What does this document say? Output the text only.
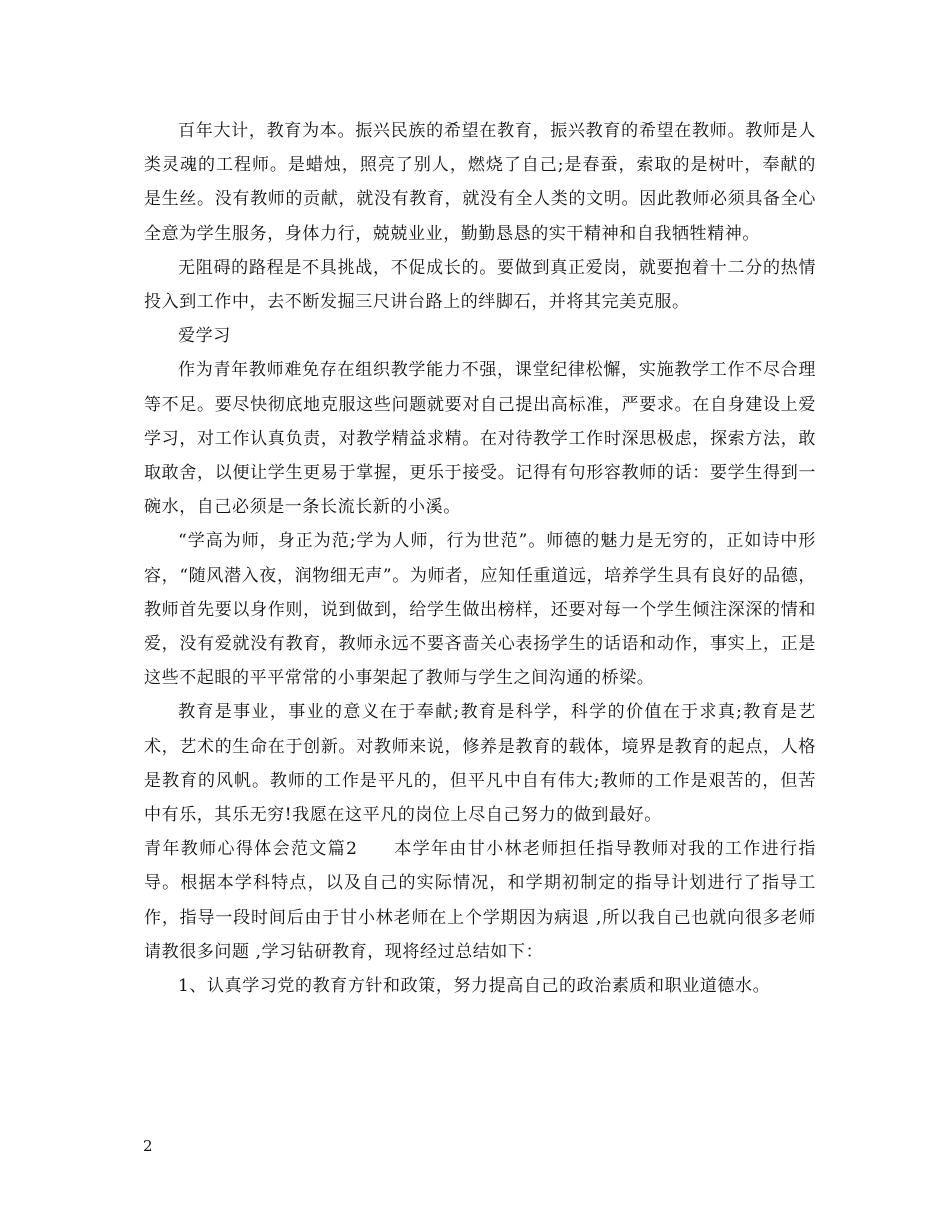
百年大计，教育为本。振兴民族的希望在教育，振兴教育的希望在教师。教师是人类灵魂的工程师。是蜡烛，照亮了别人，燃烧了自己;是春蚕，索取的是树叶，奉献的是生丝。没有教师的贡献，就没有教育，就没有全人类的文明。因此教师必须具备全心全意为学生服务，身体力行，兢兢业业，勤勤恳恳的实干精神和自我牺牲精神。

无阻碍的路程是不具挑战，不促成长的。要做到真正爱岗，就要抱着十二分的热情投入到工作中，去不断发掘三尺讲台路上的绊脚石，并将其完美克服。

爱学习

作为青年教师难免存在组织教学能力不强，课堂纪律松懈，实施教学工作不尽合理等不足。要尽快彻底地克服这些问题就要对自己提出高标准，严要求。在自身建设上爱学习，对工作认真负责，对教学精益求精。在对待教学工作时深思极虑，探索方法，敢取敢舍，以便让学生更易于掌握，更乐于接受。记得有句形容教师的话：要学生得到一碗水，自己必须是一条长流长新的小溪。

“学高为师，身正为范;学为人师，行为世范”。师德的魅力是无穷的，正如诗中形容，“随风潜入夜，润物细无声”。为师者，应知任重道远，培养学生具有良好的品德，教师首先要以身作则，说到做到，给学生做出榜样，还要对每一个学生倾注深深的情和爱，没有爱就没有教育，教师永远不要吝啬关心表扬学生的话语和动作，事实上，正是这些不起眼的平平常常的小事架起了教师与学生之间沟通的桥梁。

教育是事业，事业的意义在于奉献;教育是科学，科学的价值在于求真;教育是艺术，艺术的生命在于创新。对教师来说，修养是教育的载体，境界是教育的起点，人格是教育的风帆。教师的工作是平凡的，但平凡中自有伟大;教师的工作是艰苦的，但苦中有乐，其乐无穷!我愿在这平凡的岗位上尽自己努力的做到最好。

青年教师心得体会范文篇2 本学年由甘小林老师担任指导教师对我的工作进行指导。根据本学科特点，以及自己的实际情况，和学期初制定的指导计划进行了指导工作，指导一段时间后由于甘小林老师在上个学期因为病退 ,所以我自己也就向很多老师请教很多问题 ,学习钻研教育，现将经过总结如下：

1、认真学习党的教育方针和政策，努力提高自己的政治素质和职业道德水。

2
